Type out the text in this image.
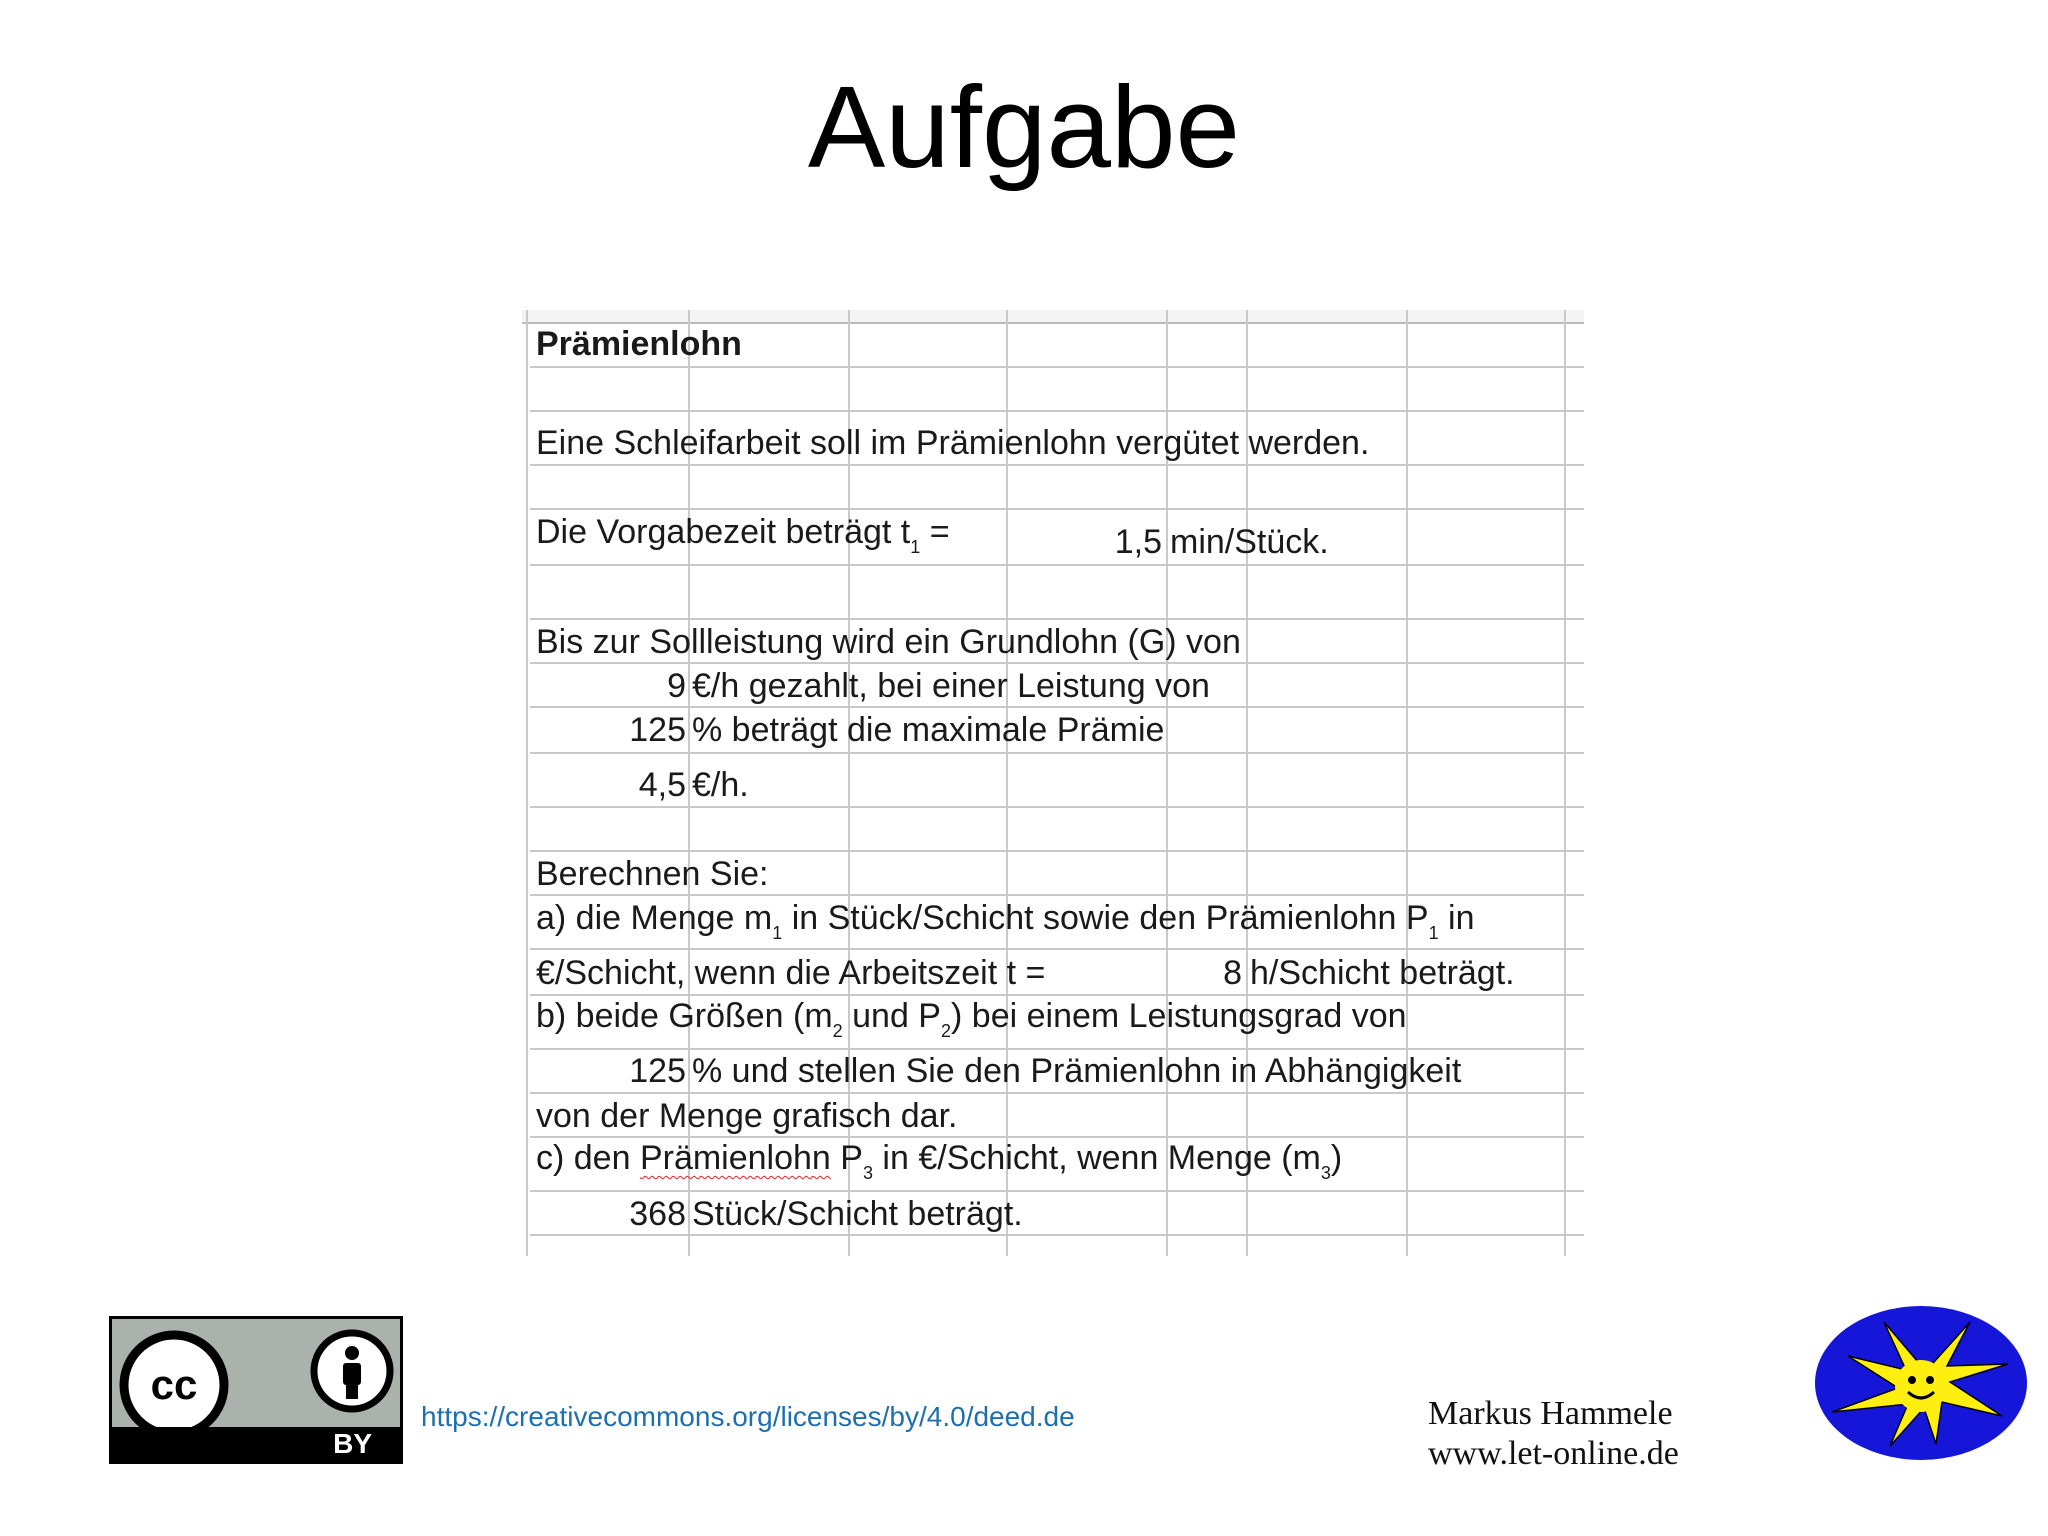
Aufgabe
Prämienlohn
Eine Schleifarbeit soll im Prämienlohn vergütet werden.
Die Vorgabezeit beträgt $t_1$ =	1,5 min/Stück.
Bis zur Sollleistung wird ein Grundlohn (G) von
9 €/h gezahlt, bei einer Leistung von
125 % beträgt die maximale Prämie
4,5 €/h.
Berechnen Sie:
a) die Menge $m_1$ in Stück/Schicht sowie den Prämienlohn $P_1$ in
€/Schicht, wenn die Arbeitszeit t =	8 h/Schicht beträgt.
b) beide Größen ($m_2$ und $P_2$) bei einem Leistungsgrad von
125 % und stellen Sie den Prämienlohn in Abhängigkeit
von der Menge grafisch dar.
c) den Prämienlohn $P_3$ in €/Schicht, wenn Menge $(m_3)$
368 Stück/Schicht beträgt.
cc
BY
https://creativecommons.org/licenses/by/4.0/deed.de	Markus Hammele
www.let-online.de
